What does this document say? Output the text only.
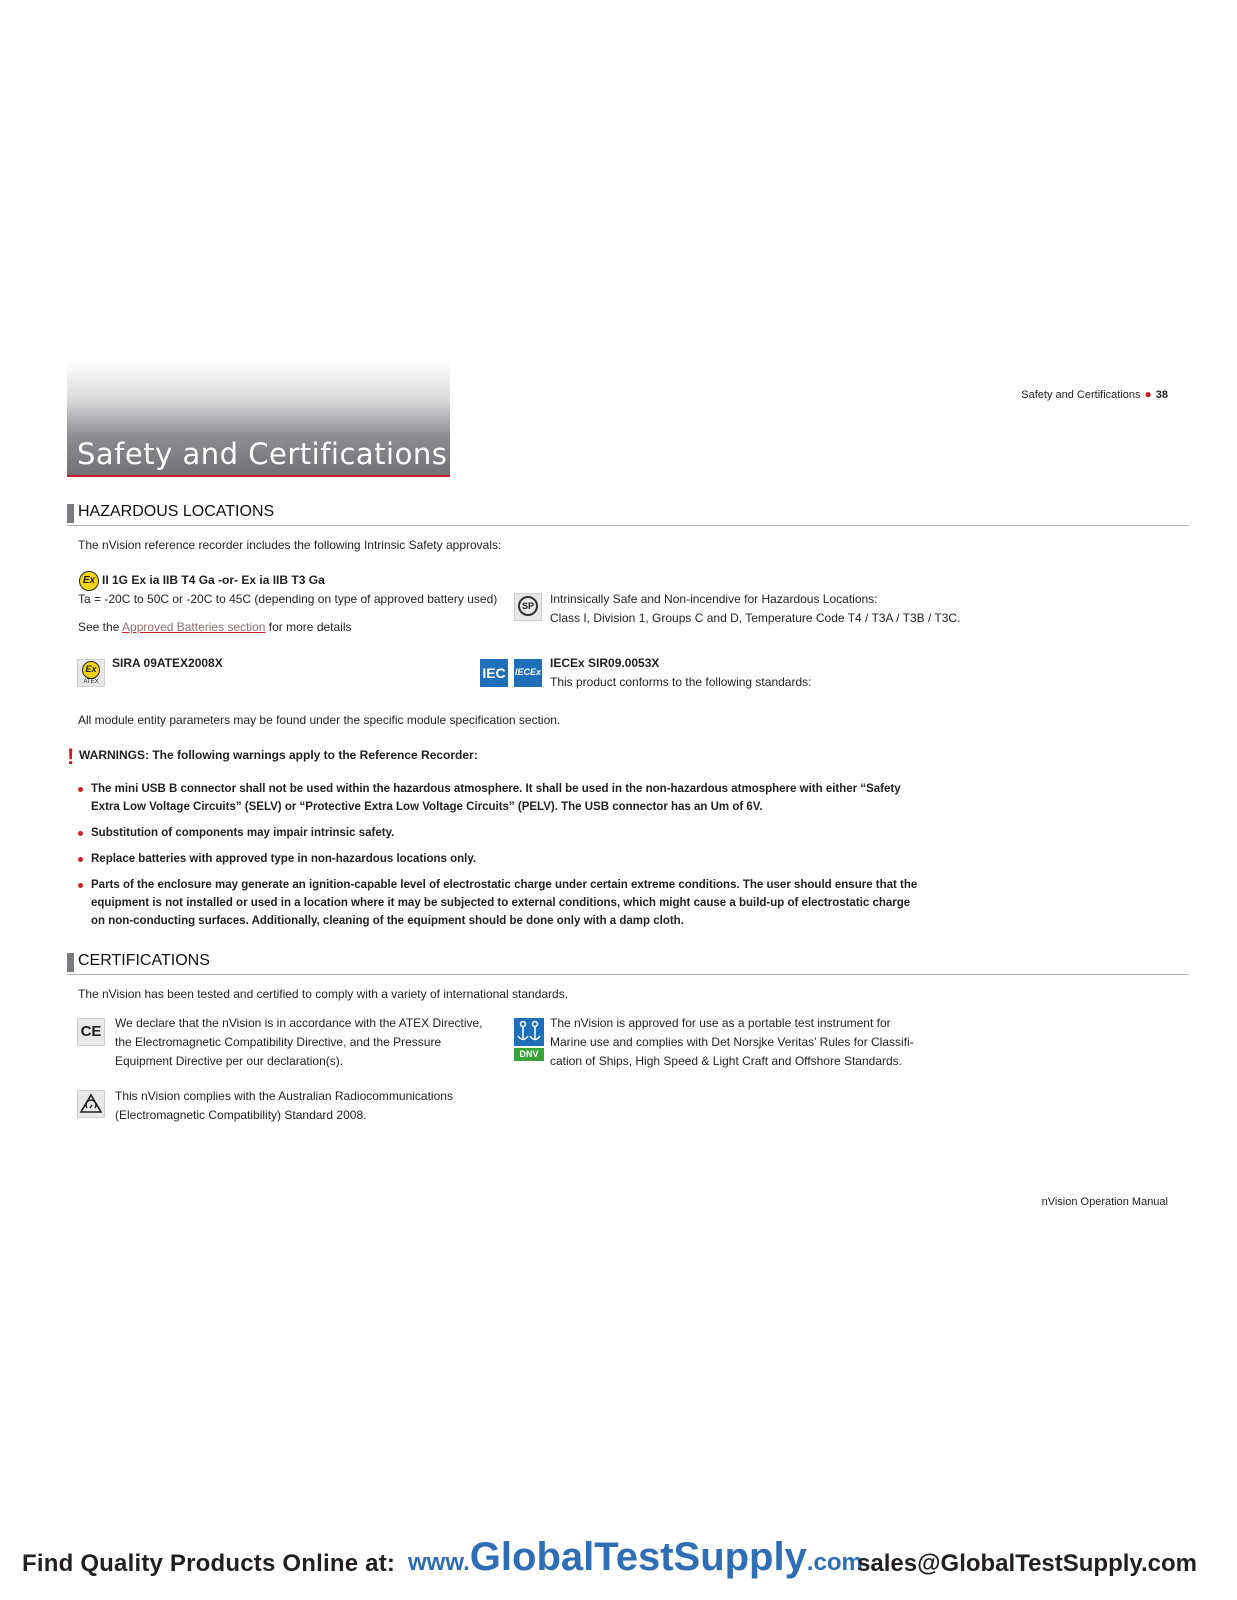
Safety and Certifications
Safety and Certifications ● 38
HAZARDOUS LOCATIONS
The nVision reference recorder includes the following Intrinsic Safety approvals:
Ex II 1G Ex ia IIB T4 Ga -or- Ex ia IIB T3 Ga
Ta = -20C to 50C or -20C to 45C (depending on type of approved battery used)
See the Approved Batteries section for more details
SP	Intrinsically Safe and Non-incendive for Hazardous Locations:
Class I, Division 1, Groups C and D, Temperature Code T4 / T3A / T3B / T3C.
Ex
ATEX
SIRA 09ATEX2008X
IEC IECEx
IECEx SIR09.0053X
This product conforms to the following standards:
All module entity parameters may be found under the specific module specification section.
! WARNINGS: The following warnings apply to the Reference Recorder:
The mini USB B connector shall not be used within the hazardous atmosphere. It shall be used in the non-hazardous atmosphere with either “Safety Extra Low Voltage Circuits” (SELV) or “Protective Extra Low Voltage Circuits” (PELV). The USB connector has an Um of 6V.
Substitution of components may impair intrinsic safety.
Replace batteries with approved type in non-hazardous locations only.
Parts of the enclosure may generate an ignition-capable level of electrostatic charge under certain extreme conditions. The user should ensure that the equipment is not installed or used in a location where it may be subjected to external conditions, which might cause a build-up of electrostatic charge on non-conducting surfaces. Additionally, cleaning of the equipment should be done only with a damp cloth.
CERTIFICATIONS
The nVision has been tested and certified to comply with a variety of international standards.
CE We declare that the nVision is in accordance with the ATEX Directive,
the Electromagnetic Compatibility Directive, and the Pressure
Equipment Directive per our declaration(s).	DNV
The nVision is approved for use as a portable test instrument for
Marine use and complies with Det Norsjke Veritas’ Rules for Classifi-
cation of Ships, High Speed & Light Craft and Offshore Standards.
This nVision complies with the Australian Radiocommunications
(Electromagnetic Compatibility) Standard 2008.
nVision Operation Manual
Find Quality Products Online at: www.GlobalTestSupply.com
sales@GlobalTestSupply.com
